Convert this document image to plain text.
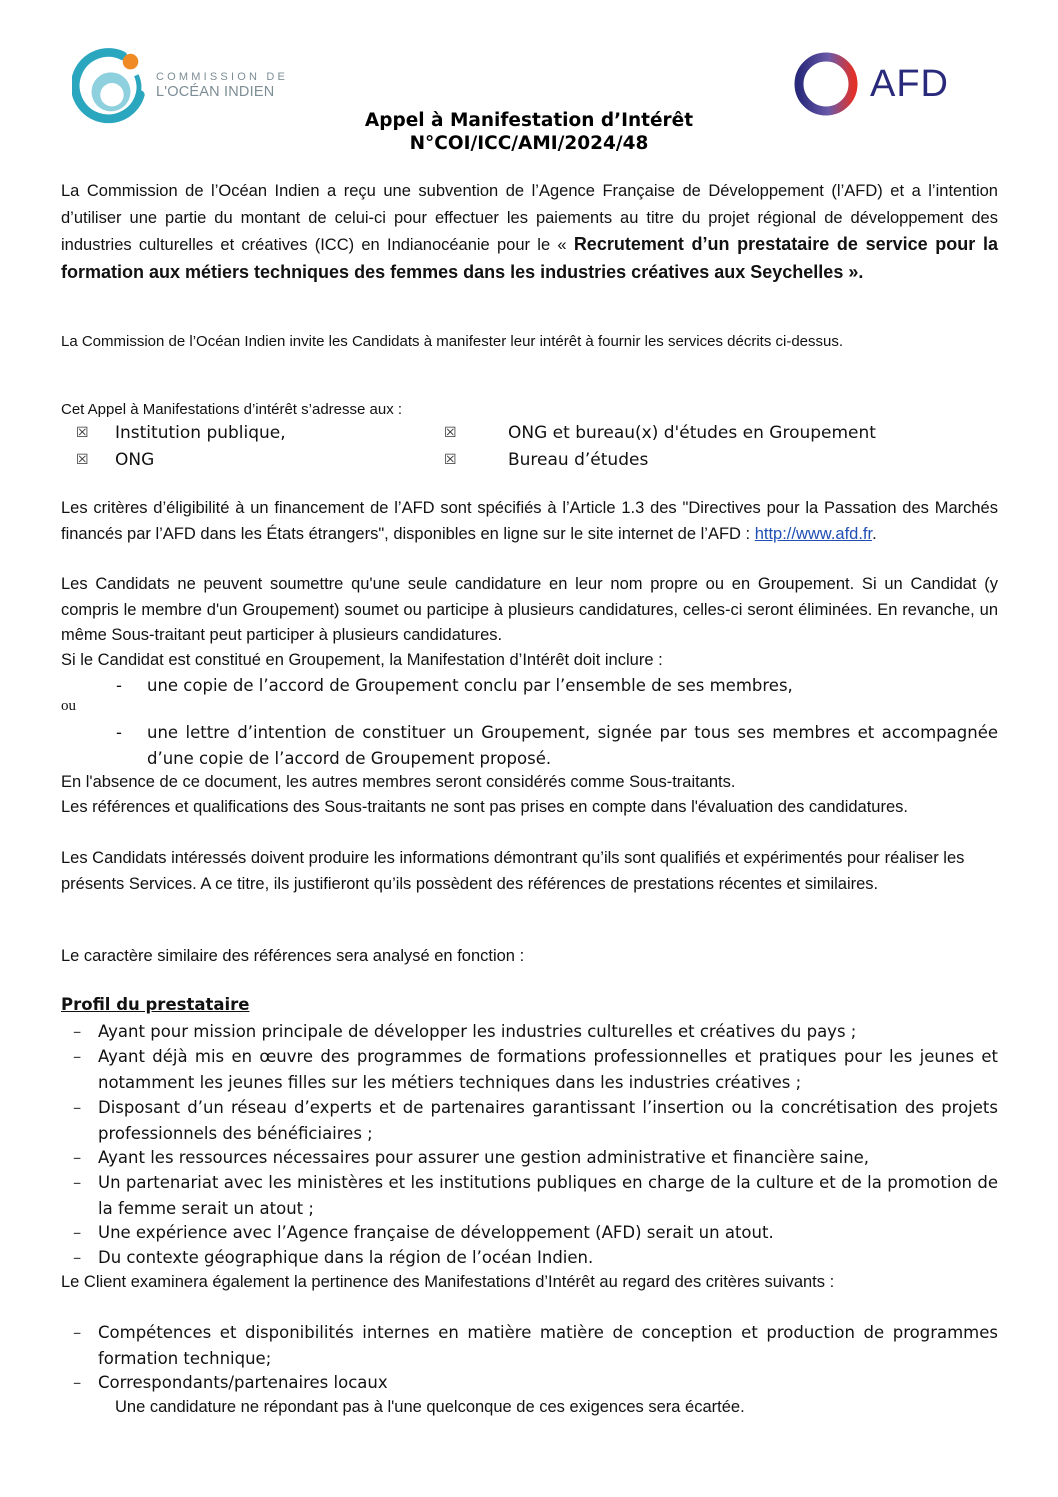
COMMISSION DE
L'OCÉAN INDIEN	AFD
Appel à Manifestation d’Intérêt
N°COI/ICC/AMI/2024/48
La Commission de l’Océan Indien a reçu une subvention de l’Agence Française de Développement (l’AFD) et a l’intention d’utiliser une partie du montant de celui-ci pour effectuer les paiements au titre du projet régional de développement des industries culturelles et créatives (ICC) en Indianocéanie pour le « Recrutement d’un prestataire de service pour la formation aux métiers techniques des femmes dans les industries créatives aux Seychelles ».
La Commission de l’Océan Indien invite les Candidats à manifester leur intérêt à fournir les services décrits ci-dessus.
Cet Appel à Manifestations d’intérêt s’adresse aux :
☒ Institution publique,	☒	ONG et bureau(x) d'études en Groupement
☒ ONG	☒	Bureau d’études
Les critères d’éligibilité à un financement de l’AFD sont spécifiés à l’Article 1.3 des "Directives pour la Passation des Marchés financés par l’AFD dans les États étrangers", disponibles en ligne sur le site internet de l’AFD : http://www.afd.fr.
Les Candidats ne peuvent soumettre qu'une seule candidature en leur nom propre ou en Groupement. Si un Candidat (y compris le membre d'un Groupement) soumet ou participe à plusieurs candidatures, celles-ci seront éliminées. En revanche, un même Sous-traitant peut participer à plusieurs candidatures.
Si le Candidat est constitué en Groupement, la Manifestation d’Intérêt doit inclure :
- une copie de l’accord de Groupement conclu par l’ensemble de ses membres,
ou
- une lettre d’intention de constituer un Groupement, signée par tous ses membres et accompagnée d’une copie de l’accord de Groupement proposé.
En l'absence de ce document, les autres membres seront considérés comme Sous-traitants.
Les références et qualifications des Sous-traitants ne sont pas prises en compte dans l'évaluation des candidatures.
Les Candidats intéressés doivent produire les informations démontrant qu’ils sont qualifiés et expérimentés pour réaliser les présents Services. A ce titre, ils justifieront qu’ils possèdent des références de prestations récentes et similaires.
Le caractère similaire des références sera analysé en fonction :
Profil du prestataire
– Ayant pour mission principale de développer les industries culturelles et créatives du pays ;
– Ayant déjà mis en œuvre des programmes de formations professionnelles et pratiques pour les jeunes et notamment les jeunes filles sur les métiers techniques dans les industries créatives ;
– Disposant d’un réseau d’experts et de partenaires garantissant l’insertion ou la concrétisation des projets professionnels des bénéficiaires ;
– Ayant les ressources nécessaires pour assurer une gestion administrative et financière saine,
– Un partenariat avec les ministères et les institutions publiques en charge de la culture et de la promotion de la femme serait un atout ;
– Une expérience avec l’Agence française de développement (AFD) serait un atout.
– Du contexte géographique dans la région de l’océan Indien.
Le Client examinera également la pertinence des Manifestations d’Intérêt au regard des critères suivants :
– Compétences et disponibilités internes en matière matière de conception et production de programmes formation technique;
– Correspondants/partenaires locaux
Une candidature ne répondant pas à l'une quelconque de ces exigences sera écartée.
